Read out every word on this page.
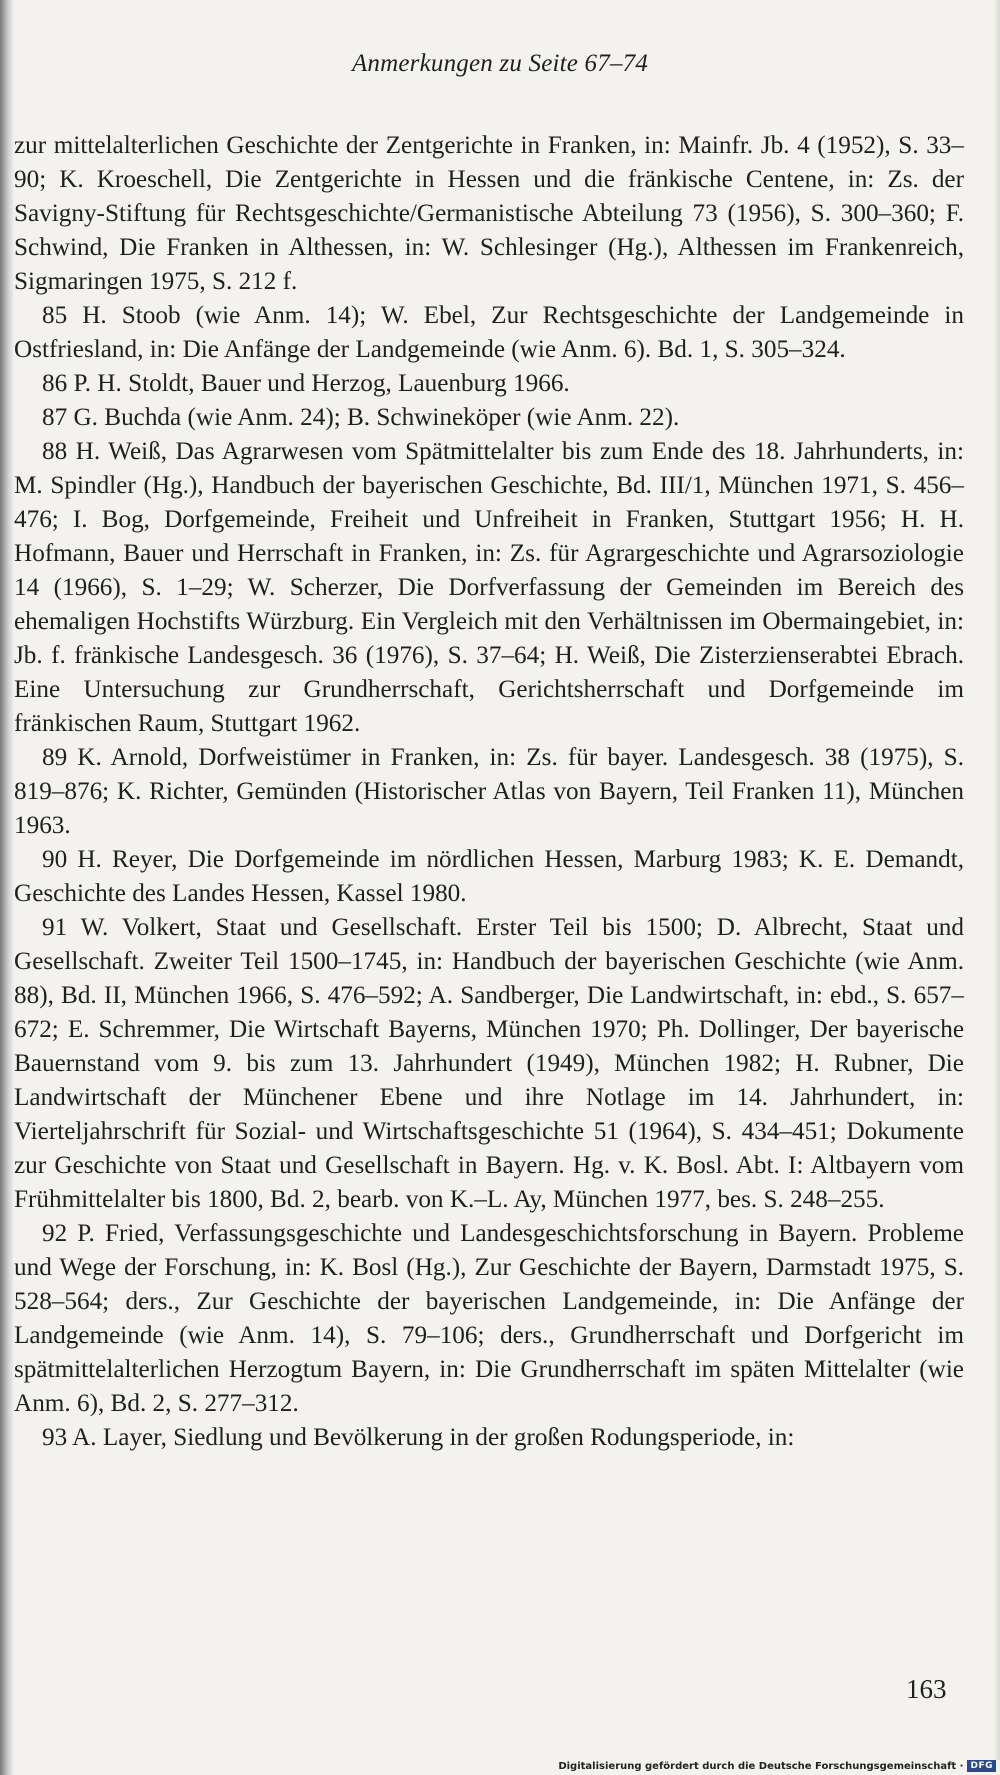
Anmerkungen zu Seite 67–74

zur mittelalterlichen Geschichte der Zentgerichte in Franken, in: Mainfr. Jb. 4 (1952), S. 33–90; K. Kroeschell, Die Zentgerichte in Hessen und die fränkische Centene, in: Zs. der Savigny-Stiftung für Rechtsgeschichte/Germanistische Abteilung 73 (1956), S. 300–360; F. Schwind, Die Franken in Althessen, in: W. Schlesinger (Hg.), Althessen im Frankenreich, Sigmaringen 1975, S. 212 f.

85 H. Stoob (wie Anm. 14); W. Ebel, Zur Rechtsgeschichte der Landgemeinde in Ostfriesland, in: Die Anfänge der Landgemeinde (wie Anm. 6). Bd. 1, S. 305–324.

86 P. H. Stoldt, Bauer und Herzog, Lauenburg 1966.

87 G. Buchda (wie Anm. 24); B. Schwineköper (wie Anm. 22).

88 H. Weiß, Das Agrarwesen vom Spätmittelalter bis zum Ende des 18. Jahrhunderts, in: M. Spindler (Hg.), Handbuch der bayerischen Geschichte, Bd. III/1, München 1971, S. 456–476; I. Bog, Dorfgemeinde, Freiheit und Unfreiheit in Franken, Stuttgart 1956; H. H. Hofmann, Bauer und Herrschaft in Franken, in: Zs. für Agrargeschichte und Agrarsoziologie 14 (1966), S. 1–29; W. Scherzer, Die Dorfverfassung der Gemeinden im Bereich des ehemaligen Hochstifts Würzburg. Ein Vergleich mit den Verhältnissen im Obermaingebiet, in: Jb. f. fränkische Landesgesch. 36 (1976), S. 37–64; H. Weiß, Die Zisterzienserabtei Ebrach. Eine Untersuchung zur Grundherrschaft, Gerichtsherrschaft und Dorfgemeinde im fränkischen Raum, Stuttgart 1962.

89 K. Arnold, Dorfweistümer in Franken, in: Zs. für bayer. Landesgesch. 38 (1975), S. 819–876; K. Richter, Gemünden (Historischer Atlas von Bayern, Teil Franken 11), München 1963.

90 H. Reyer, Die Dorfgemeinde im nördlichen Hessen, Marburg 1983; K. E. Demandt, Geschichte des Landes Hessen, Kassel 1980.

91 W. Volkert, Staat und Gesellschaft. Erster Teil bis 1500; D. Albrecht, Staat und Gesellschaft. Zweiter Teil 1500–1745, in: Handbuch der bayerischen Geschichte (wie Anm. 88), Bd. II, München 1966, S. 476–592; A. Sandberger, Die Landwirtschaft, in: ebd., S. 657–672; E. Schremmer, Die Wirtschaft Bayerns, München 1970; Ph. Dollinger, Der bayerische Bauernstand vom 9. bis zum 13. Jahrhundert (1949), München 1982; H. Rubner, Die Landwirtschaft der Münchener Ebene und ihre Notlage im 14. Jahrhundert, in: Vierteljahrschrift für Sozial- und Wirtschaftsgeschichte 51 (1964), S. 434–451; Dokumente zur Geschichte von Staat und Gesellschaft in Bayern. Hg. v. K. Bosl. Abt. I: Altbayern vom Frühmittelalter bis 1800, Bd. 2, bearb. von K.–L. Ay, München 1977, bes. S. 248–255.

92 P. Fried, Verfassungsgeschichte und Landesgeschichtsforschung in Bayern. Probleme und Wege der Forschung, in: K. Bosl (Hg.), Zur Geschichte der Bayern, Darmstadt 1975, S. 528–564; ders., Zur Geschichte der bayerischen Landgemeinde, in: Die Anfänge der Landgemeinde (wie Anm. 14), S. 79–106; ders., Grundherrschaft und Dorfgericht im spätmittelalterlichen Herzogtum Bayern, in: Die Grundherrschaft im späten Mittelalter (wie Anm. 6), Bd. 2, S. 277–312.

93 A. Layer, Siedlung und Bevölkerung in der großen Rodungsperiode, in:

163
Digitalisierung gefördert durch die Deutsche Forschungsgemeinschaft · DFG
